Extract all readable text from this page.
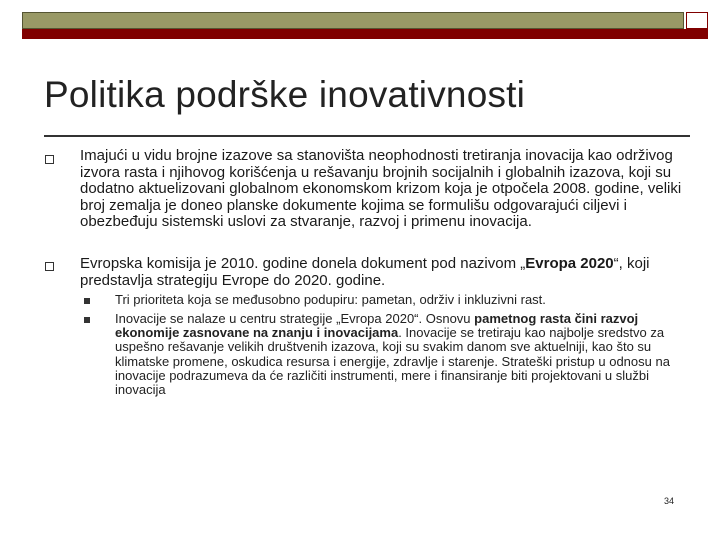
Politika podrške inovativnosti
Imajući u vidu brojne izazove sa stanovišta neophodnosti tretiranja inovacija kao održivog izvora rasta i njihovog korišćenja u rešavanju brojnih socijalnih i globalnih izazova, koji su dodatno aktuelizovani globalnom ekonomskom krizom koja je otpočela 2008. godine, veliki broj zemalja je doneo planske dokumente kojima se formulišu odgovarajući ciljevi i obezbeđuju sistemski uslovi za stvaranje, razvoj i primenu inovacija.
Evropska komisija je 2010. godine donela dokument pod nazivom „Evropa 2020“, koji predstavlja strategiju Evrope do 2020. godine.
Tri prioriteta koja se međusobno podupiru: pametan, održiv i inkluzivni rast.
Inovacije se nalaze u centru strategije „Evropa 2020“. Osnovu pametnog rasta čini razvoj ekonomije zasnovane na znanju i inovacijama. Inovacije se tretiraju kao najbolje sredstvo za uspešno rešavanje velikih društvenih izazova, koji su svakim danom sve aktuelniji, kao što su klimatske promene, oskudica resursa i energije, zdravlje i starenje. Strateški pristup u odnosu na inovacije podrazumeva da će različiti instrumenti, mere i finansiranje biti projektovani u službi inovacija
34
